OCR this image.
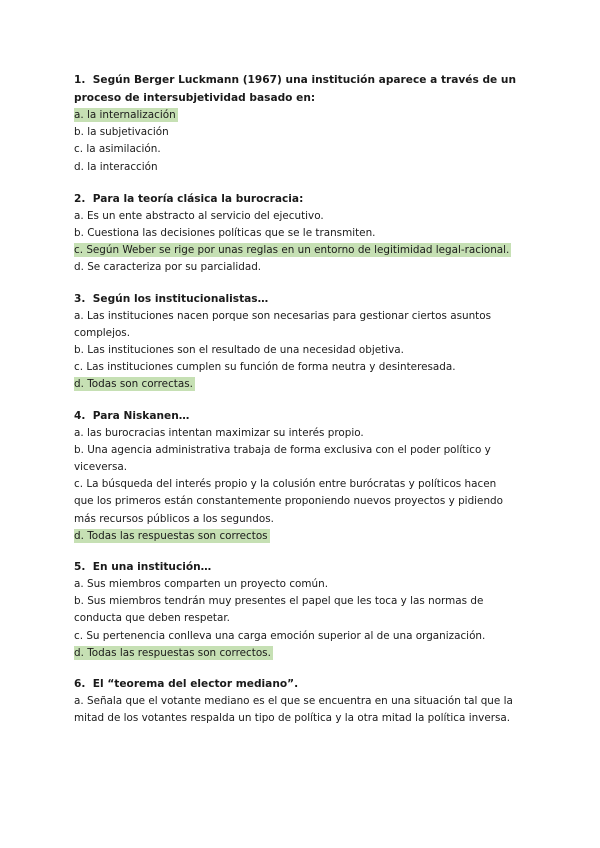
1.  Según Berger Luckmann (1967) una institución aparece a través de un proceso de intersubjetividad basado en:

a. la internalización

b. la subjetivación

c. la asimilación.

d. la interacción

2.  Para la teoría clásica la burocracia:

a. Es un ente abstracto al servicio del ejecutivo.

b. Cuestiona las decisiones políticas que se le transmiten.

c. Según Weber se rige por unas reglas en un entorno de legitimidad legal-racional.

d. Se caracteriza por su parcialidad.

3.  Según los institucionalistas…

a. Las instituciones nacen porque son necesarias para gestionar ciertos asuntos complejos.

b. Las instituciones son el resultado de una necesidad objetiva.

c. Las instituciones cumplen su función de forma neutra y desinteresada.

d. Todas son correctas.

4.  Para Niskanen…

a. las burocracias intentan maximizar su interés propio.

b. Una agencia administrativa trabaja de forma exclusiva con el poder político y viceversa.

c. La búsqueda del interés propio y la colusión entre burócratas y políticos hacen que los primeros están constantemente proponiendo nuevos proyectos y pidiendo más recursos públicos a los segundos.

d. Todas las respuestas son correctos

5.  En una institución…

a. Sus miembros comparten un proyecto común.

b. Sus miembros tendrán muy presentes el papel que les toca y las normas de conducta que deben respetar.

c. Su pertenencia conlleva una carga emoción superior al de una organización.

d. Todas las respuestas son correctos.

6.  El “teorema del elector mediano”.

a. Señala que el votante mediano es el que se encuentra en una situación tal que la mitad de los votantes respalda un tipo de política y la otra mitad la política inversa.
